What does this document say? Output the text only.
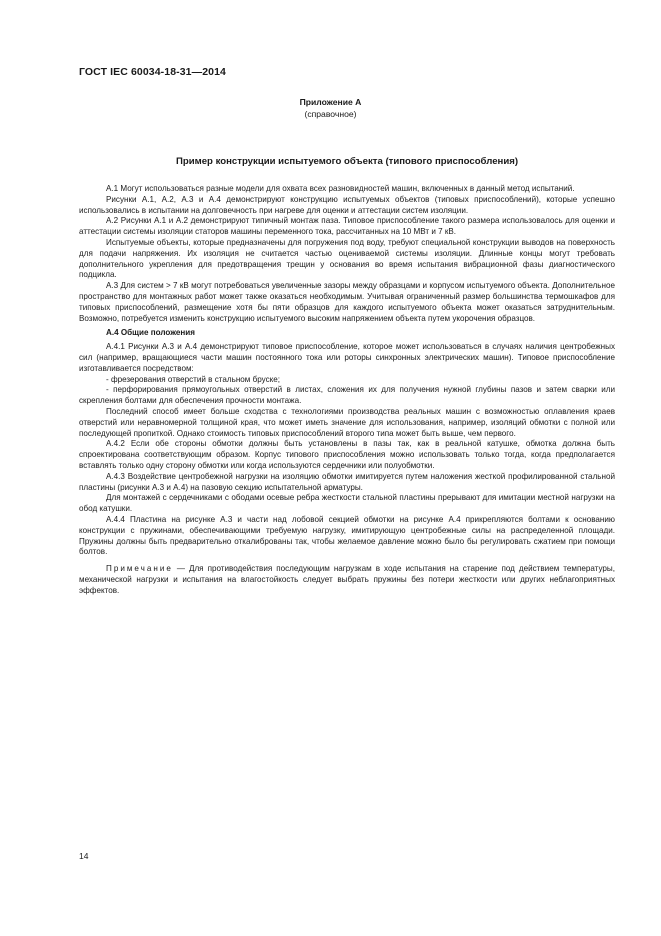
ГОСТ IEC 60034-18-31—2014
Приложение А
(справочное)
Пример конструкции испытуемого объекта (типового приспособления)

А.1 Могут использоваться разные модели для охвата всех разновидностей машин, включенных в данный метод испытаний.

Рисунки А.1, А.2, А.3 и А.4 демонстрируют конструкцию испытуемых объектов (типовых приспособлений), которые успешно использовались в испытании на долговечность при нагреве для оценки и аттестации систем изоляции.

А.2 Рисунки А.1 и А.2 демонстрируют типичный монтаж паза. Типовое приспособление такого размера использовалось для оценки и аттестации системы изоляции статоров машины переменного тока, рассчитанных на 10 МВт и 7 кВ.

Испытуемые объекты, которые предназначены для погружения под воду, требуют специальной конструкции выводов на поверхность для подачи напряжения. Их изоляция не считается частью оцениваемой системы изоляции. Длинные концы могут требовать дополнительного укрепления для предотвращения трещин у основания во время испытания вибрационной фазы диагностического подцикла.

А.3 Для систем > 7 кВ могут потребоваться увеличенные зазоры между образцами и корпусом испытуемого объекта. Дополнительное пространство для монтажных работ может также оказаться необходимым. Учитывая ограниченный размер большинства термошкафов для типовых приспособлений, размещение хотя бы пяти образцов для каждого испытуемого объекта может оказаться затруднительным. Возможно, потребуется изменить конструкцию испытуемого высоким напряжением объекта путем укорочения образцов.

А.4 Общие положения

А.4.1 Рисунки А.3 и А.4 демонстрируют типовое приспособление, которое может использоваться в случаях наличия центробежных сил (например, вращающиеся части машин постоянного тока или роторы синхронных электрических машин). Типовое приспособление изготавливается посредством:

- фрезерования отверстий в стальном бруске;

- перфорирования прямоугольных отверстий в листах, сложения их для получения нужной глубины пазов и затем сварки или скрепления болтами для обеспечения прочности монтажа.

Последний способ имеет больше сходства с технологиями производства реальных машин с возможностью оплавления краев отверстий или неравномерной толщиной края, что может иметь значение для использования, например, изоляций обмотки с полной или последующей пропиткой. Однако стоимость типовых приспособлений второго типа может быть выше, чем первого.

А.4.2 Если обе стороны обмотки должны быть установлены в пазы так, как в реальной катушке, обмотка должна быть спроектирована соответствующим образом. Корпус типового приспособления можно использовать только тогда, когда предполагается вставлять только одну сторону обмотки или когда используются сердечники или полуобмотки.

А.4.3 Воздействие центробежной нагрузки на изоляцию обмотки имитируется путем наложения жесткой профилированной стальной пластины (рисунки А.3 и А.4) на пазовую секцию испытательной арматуры.

Для монтажей с сердечниками с ободами осевые ребра жесткости стальной пластины прерывают для имитации местной нагрузки на обод катушки.

А.4.4 Пластина на рисунке А.3 и части над лобовой секцией обмотки на рисунке А.4 прикрепляются болтами к основанию конструкции с пружинами, обеспечивающими требуемую нагрузку, имитирующую центробежные силы на распределенной площади. Пружины должны быть предварительно откалиброваны так, чтобы желаемое давление можно было бы регулировать сжатием при помощи болтов.

Примечание — Для противодействия последующим нагрузкам в ходе испытания на старение под действием температуры, механической нагрузки и испытания на влагостойкость следует выбрать пружины без потери жесткости или других неблагоприятных эффектов.

14
